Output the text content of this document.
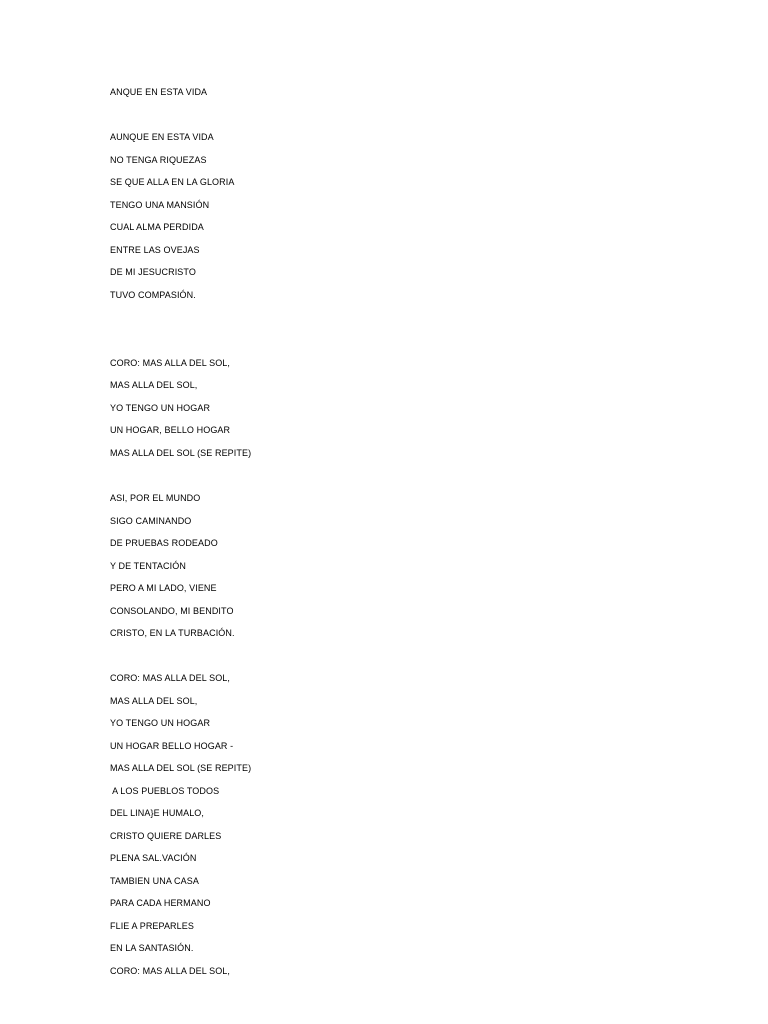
ANQUE EN ESTA VIDA
AUNQUE EN ESTA VIDA
NO TENGA RIQUEZAS
SE QUE ALLA EN LA GLORIA
TENGO UNA MANSIÓN
CUAL ALMA PERDIDA
ENTRE LAS OVEJAS
DE MI JESUCRISTO
TUVO COMPASIÓN.
CORO: MAS ALLA DEL SOL,
MAS ALLA DEL SOL,
YO TENGO UN HOGAR
UN HOGAR, BELLO HOGAR
MAS ALLA DEL SOL (SE REPITE)
ASI, POR EL MUNDO
SIGO CAMINANDO
DE PRUEBAS RODEADO
Y DE TENTACIÓN
PERO A MI LADO, VIENE
CONSOLANDO, MI BENDITO
CRISTO, EN LA TURBACIÓN.
CORO: MAS ALLA DEL SOL,
MAS ALLA DEL SOL,
YO TENGO UN HOGAR
UN HOGAR BELLO HOGAR -
MAS ALLA DEL SOL (SE REPITE)
A LOS PUEBLOS TODOS
DEL LINA}E HUMALO,
CRISTO QUIERE DARLES
PLENA SAL.VACIÓN
TAMBIEN UNA CASA
PARA CADA HERMANO
FLIE A PREPARLES
EN LA SANTASIÓN.
CORO: MAS ALLA DEL SOL,
